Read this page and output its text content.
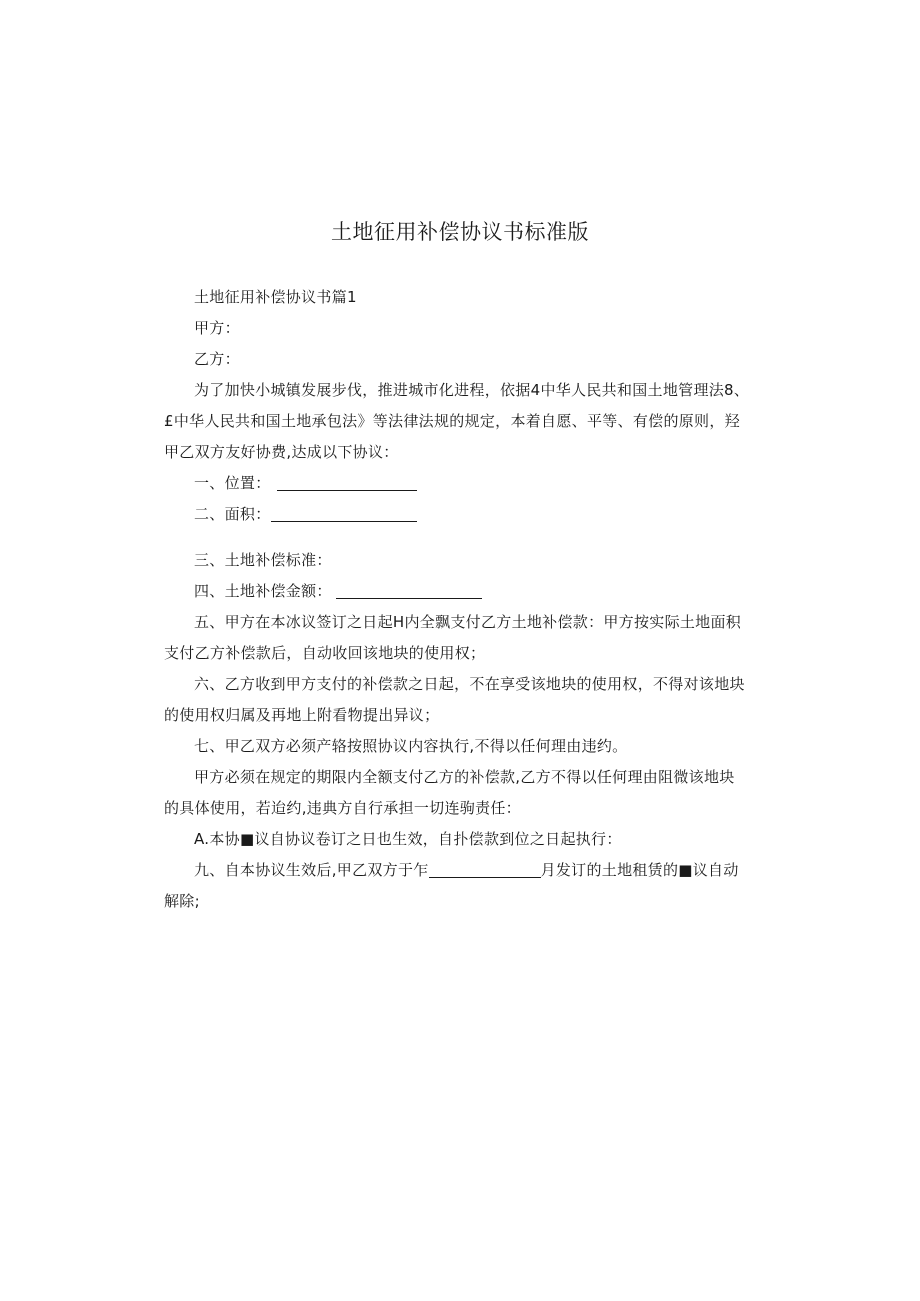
土地征用补偿协议书标准版
土地征用补偿协议书篇1
甲方：
乙方：
为了加快小城镇发展步伐，推进城市化进程，依据4中华人民共和国土地管理法8、
£中华人民共和国土地承包法》等法律法规的规定，本着自愿、平等、有偿的原则，羟
甲乙双方友好协费,达成以下协议：
一、位置：
二、面积：
三、土地补偿标准：
四、土地补偿金额：
五、甲方在本冰议签订之日起H内全飘支付乙方土地补偿款：甲方按实际土地面积
支付乙方补偿款后，自动收回该地块的使用权；
六、乙方收到甲方支付的补偿款之日起，不在享受该地块的使用权，不得对该地块
的使用权归属及再地上附看物提出异议；
七、甲乙双方必须产辂按照协议内容执行,不得以任何理由违约。
甲方必须在规定的期限内全额支付乙方的补偿款,乙方不得以任何理由阻微该地块
的具体使用，若迨约,违典方自行承担一切连驹责任：
A.本协■议自协议卷订之日也生效，自扑偿款到位之日起执行：
九、自本协议生效后,甲乙双方于乍	月发订的土地租赁的■议自动
解除;
